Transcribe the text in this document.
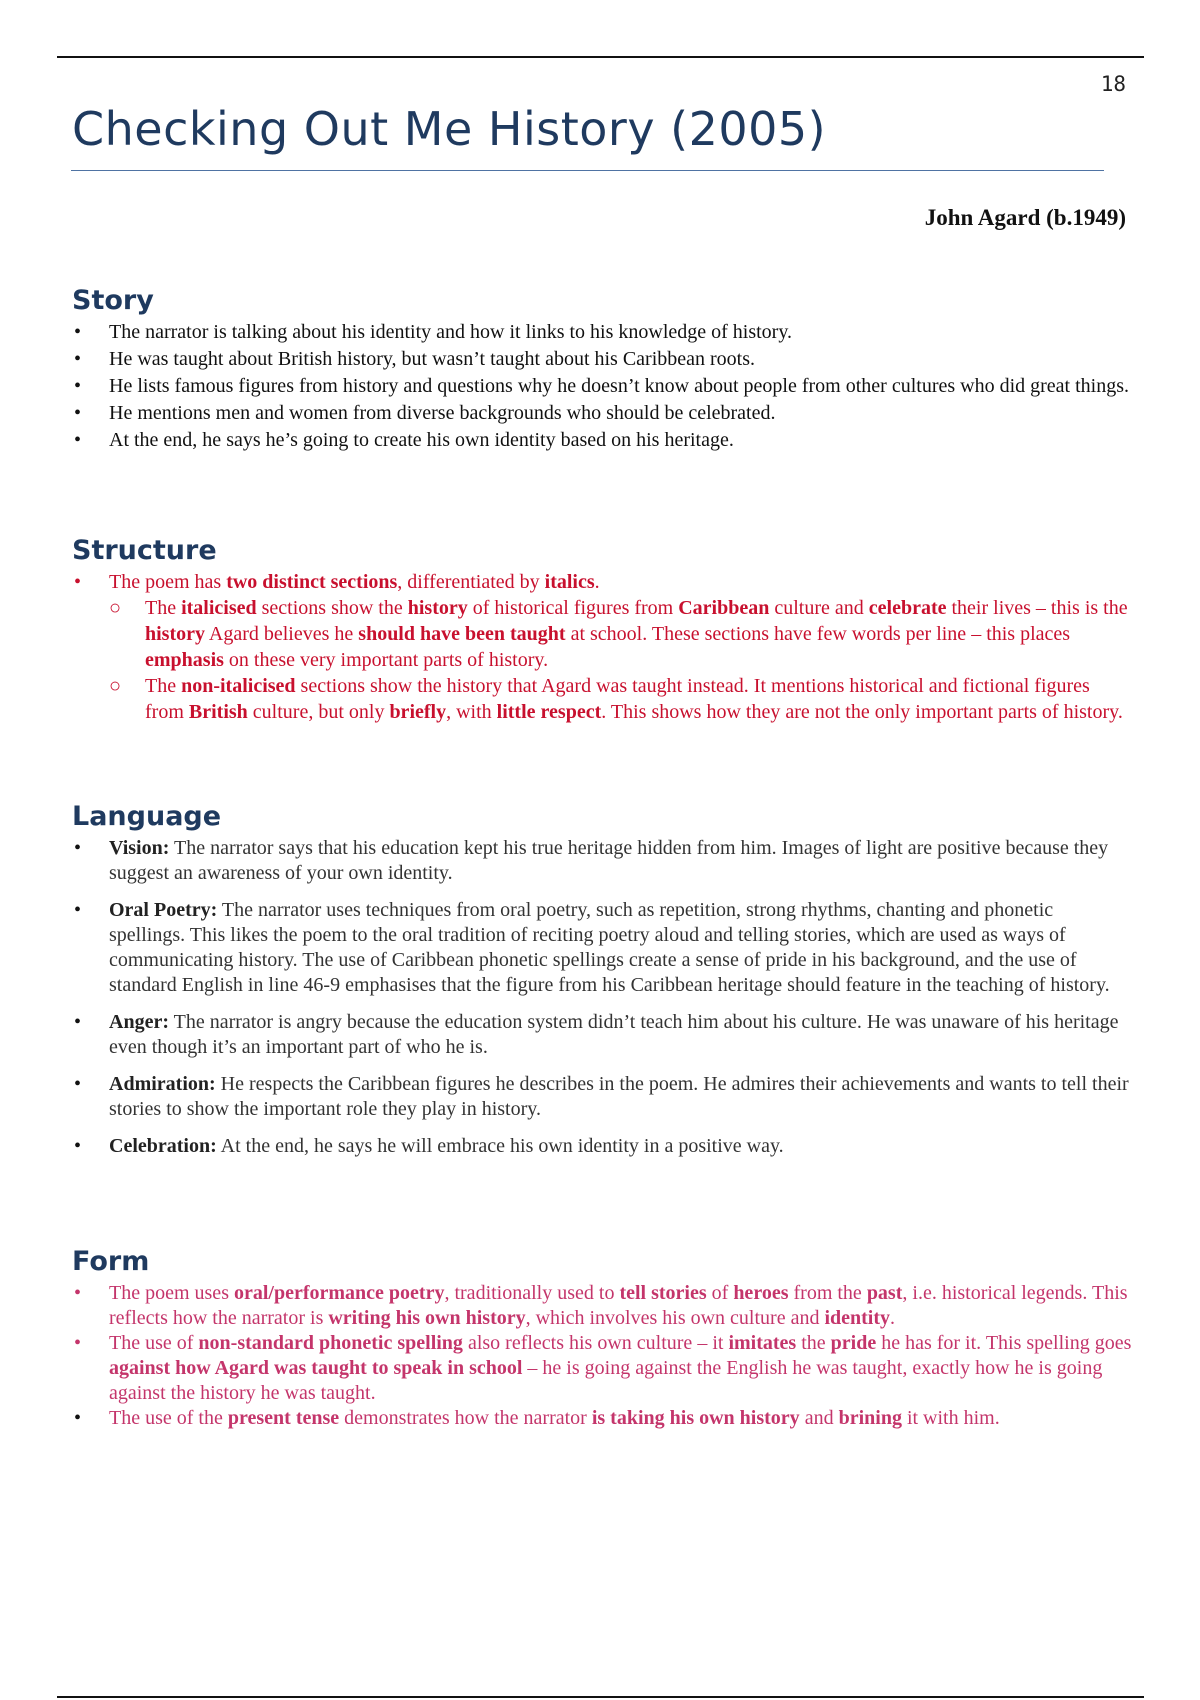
18
Checking Out Me History (2005)
John Agard (b.1949)
Story
• The narrator is talking about his identity and how it links to his knowledge of history.
• He was taught about British history, but wasn’t taught about his Caribbean roots.
• He lists famous figures from history and questions why he doesn’t know about people from other cultures who did great things.
• He mentions men and women from diverse backgrounds who should be celebrated.
• At the end, he says he’s going to create his own identity based on his heritage.
Structure
• The poem has two distinct sections, differentiated by italics.
○ The italicised sections show the history of historical figures from Caribbean culture and celebrate their lives – this is the history Agard believes he should have been taught at school. These sections have few words per line – this places emphasis on these very important parts of history.
○ The non-italicised sections show the history that Agard was taught instead. It mentions historical and fictional figures from British culture, but only briefly, with little respect. This shows how they are not the only important parts of history.
Language
• Vision: The narrator says that his education kept his true heritage hidden from him. Images of light are positive because they suggest an awareness of your own identity.
• Oral Poetry: The narrator uses techniques from oral poetry, such as repetition, strong rhythms, chanting and phonetic spellings. This likes the poem to the oral tradition of reciting poetry aloud and telling stories, which are used as ways of communicating history. The use of Caribbean phonetic spellings create a sense of pride in his background, and the use of standard English in line 46-9 emphasises that the figure from his Caribbean heritage should feature in the teaching of history.
• Anger: The narrator is angry because the education system didn’t teach him about his culture. He was unaware of his heritage even though it’s an important part of who he is.
• Admiration: He respects the Caribbean figures he describes in the poem. He admires their achievements and wants to tell their stories to show the important role they play in history.
• Celebration: At the end, he says he will embrace his own identity in a positive way.
Form
• The poem uses oral/performance poetry, traditionally used to tell stories of heroes from the past, i.e. historical legends. This reflects how the narrator is writing his own history, which involves his own culture and identity.
• The use of non-standard phonetic spelling also reflects his own culture – it imitates the pride he has for it. This spelling goes against how Agard was taught to speak in school – he is going against the English he was taught, exactly how he is going against the history he was taught.
• The use of the present tense demonstrates how the narrator is taking his own history and brining it with him.
